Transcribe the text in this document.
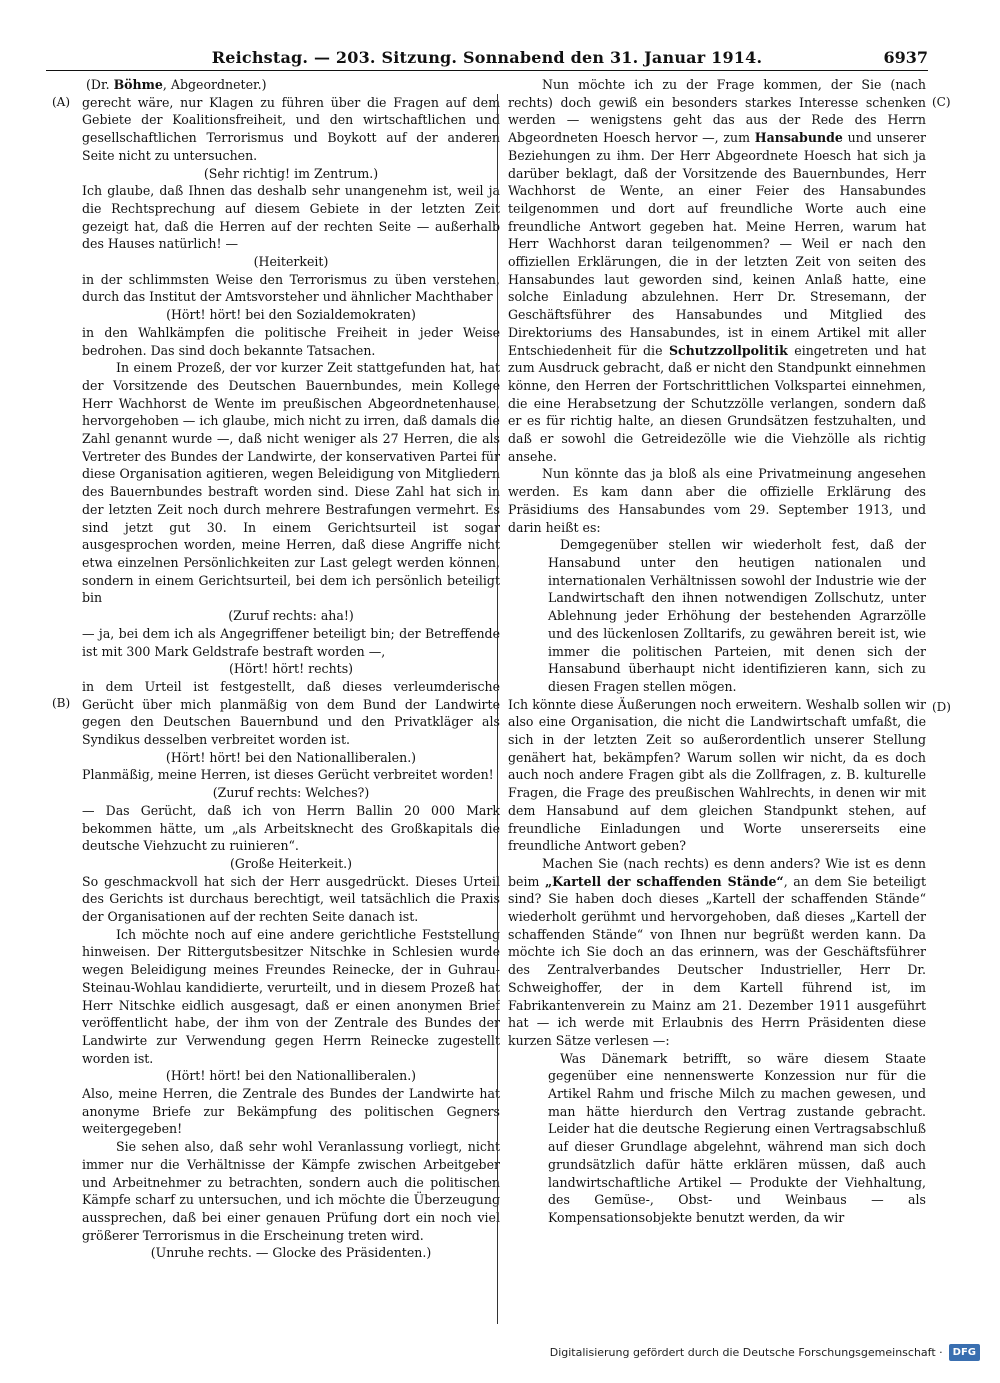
Reichstag. — 203. Sitzung. Sonnabend den 31. Januar 1914.	6937
(A)
(B)
(C)
(D)

(Dr. Böhme, Abgeordneter.)

gerecht wäre, nur Klagen zu führen über die Fragen auf dem Gebiete der Koalitionsfreiheit, und den wirtschaftlichen und gesellschaftlichen Terrorismus und Boykott auf der anderen Seite nicht zu untersuchen.

(Sehr richtig! im Zentrum.)

Ich glaube, daß Ihnen das deshalb sehr unangenehm ist, weil ja die Rechtsprechung auf diesem Gebiete in der letzten Zeit gezeigt hat, daß die Herren auf der rechten Seite — außerhalb des Hauses natürlich! —

(Heiterkeit)

in der schlimmsten Weise den Terrorismus zu üben verstehen, durch das Institut der Amtsvorsteher und ähnlicher Machthaber

(Hört! hört! bei den Sozialdemokraten)

in den Wahlkämpfen die politische Freiheit in jeder Weise bedrohen. Das sind doch bekannte Tatsachen.

In einem Prozeß, der vor kurzer Zeit stattgefunden hat, hat der Vorsitzende des Deutschen Bauernbundes, mein Kollege Herr Wachhorst de Wente im preußischen Abgeordnetenhause, hervorgehoben — ich glaube, mich nicht zu irren, daß damals die Zahl genannt wurde —, daß nicht weniger als 27 Herren, die als Vertreter des Bundes der Landwirte, der konservativen Partei für diese Organisation agitieren, wegen Beleidigung von Mitgliedern des Bauernbundes bestraft worden sind. Diese Zahl hat sich in der letzten Zeit noch durch mehrere Bestrafungen vermehrt. Es sind jetzt gut 30. In einem Gerichtsurteil ist sogar ausgesprochen worden, meine Herren, daß diese Angriffe nicht etwa einzelnen Persönlichkeiten zur Last gelegt werden können, sondern in einem Gerichtsurteil, bei dem ich persönlich beteiligt bin

(Zuruf rechts: aha!)

— ja, bei dem ich als Angegriffener beteiligt bin; der Betreffende ist mit 300 Mark Geldstrafe bestraft worden —,

(Hört! hört! rechts)

in dem Urteil ist festgestellt, daß dieses verleumderische Gerücht über mich planmäßig von dem Bund der Landwirte gegen den Deutschen Bauernbund und den Privatkläger als Syndikus desselben verbreitet worden ist.

(Hört! hört! bei den Nationalliberalen.)

Planmäßig, meine Herren, ist dieses Gerücht verbreitet worden!

(Zuruf rechts: Welches?)

— Das Gerücht, daß ich von Herrn Ballin 20 000 Mark bekommen hätte, um „als Arbeitsknecht des Großkapitals die deutsche Viehzucht zu ruinieren“.

(Große Heiterkeit.)

So geschmackvoll hat sich der Herr ausgedrückt. Dieses Urteil des Gerichts ist durchaus berechtigt, weil tatsächlich die Praxis der Organisationen auf der rechten Seite danach ist.

Ich möchte noch auf eine andere gerichtliche Feststellung hinweisen. Der Rittergutsbesitzer Nitschke in Schlesien wurde wegen Beleidigung meines Freundes Reinecke, der in Guhrau-Steinau-Wohlau kandidierte, verurteilt, und in diesem Prozeß hat Herr Nitschke eidlich ausgesagt, daß er einen anonymen Brief veröffentlicht habe, der ihm von der Zentrale des Bundes der Landwirte zur Verwendung gegen Herrn Reinecke zugestellt worden ist.

(Hört! hört! bei den Nationalliberalen.)

Also, meine Herren, die Zentrale des Bundes der Landwirte hat anonyme Briefe zur Bekämpfung des politischen Gegners weitergegeben!

Sie sehen also, daß sehr wohl Veranlassung vorliegt, nicht immer nur die Verhältnisse der Kämpfe zwischen Arbeitgeber und Arbeitnehmer zu betrachten, sondern auch die politischen Kämpfe scharf zu untersuchen, und ich möchte die Überzeugung aussprechen, daß bei einer genauen Prüfung dort ein noch viel größerer Terrorismus in die Erscheinung treten wird.

(Unruhe rechts. — Glocke des Präsidenten.)

Nun möchte ich zu der Frage kommen, der Sie (nach rechts) doch gewiß ein besonders starkes Interesse schenken werden — wenigstens geht das aus der Rede des Herrn Abgeordneten Hoesch hervor —, zum Hansabunde und unserer Beziehungen zu ihm. Der Herr Abgeordnete Hoesch hat sich ja darüber beklagt, daß der Vorsitzende des Bauernbundes, Herr Wachhorst de Wente, an einer Feier des Hansabundes teilgenommen und dort auf freundliche Worte auch eine freundliche Antwort gegeben hat. Meine Herren, warum hat Herr Wachhorst daran teilgenommen? — Weil er nach den offiziellen Erklärungen, die in der letzten Zeit von seiten des Hansabundes laut geworden sind, keinen Anlaß hatte, eine solche Einladung abzulehnen. Herr Dr. Stresemann, der Geschäftsführer des Hansabundes und Mitglied des Direktoriums des Hansabundes, ist in einem Artikel mit aller Entschiedenheit für die Schutzzollpolitik eingetreten und hat zum Ausdruck gebracht, daß er nicht den Standpunkt einnehmen könne, den Herren der Fortschrittlichen Volkspartei einnehmen, die eine Herabsetzung der Schutzzölle verlangen, sondern daß er es für richtig halte, an diesen Grundsätzen festzuhalten, und daß er sowohl die Getreidezölle wie die Viehzölle als richtig ansehe.

Nun könnte das ja bloß als eine Privatmeinung angesehen werden. Es kam dann aber die offizielle Erklärung des Präsidiums des Hansabundes vom 29. September 1913, und darin heißt es:

Demgegenüber stellen wir wiederholt fest, daß der Hansabund unter den heutigen nationalen und internationalen Verhältnissen sowohl der Industrie wie der Landwirtschaft den ihnen notwendigen Zollschutz, unter Ablehnung jeder Erhöhung der bestehenden Agrarzölle und des lückenlosen Zolltarifs, zu gewähren bereit ist, wie immer die politischen Parteien, mit denen sich der Hansabund überhaupt nicht identifizieren kann, sich zu diesen Fragen stellen mögen.

Ich könnte diese Äußerungen noch erweitern. Weshalb sollen wir also eine Organisation, die nicht die Landwirtschaft umfaßt, die sich in der letzten Zeit so außerordentlich unserer Stellung genähert hat, bekämpfen? Warum sollen wir nicht, da es doch auch noch andere Fragen gibt als die Zollfragen, z. B. kulturelle Fragen, die Frage des preußischen Wahlrechts, in denen wir mit dem Hansabund auf dem gleichen Standpunkt stehen, auf freundliche Einladungen und Worte unsererseits eine freundliche Antwort geben?

Machen Sie (nach rechts) es denn anders? Wie ist es denn beim „Kartell der schaffenden Stände“, an dem Sie beteiligt sind? Sie haben doch dieses „Kartell der schaffenden Stände“ wiederholt gerühmt und hervorgehoben, daß dieses „Kartell der schaffenden Stände“ von Ihnen nur begrüßt werden kann. Da möchte ich Sie doch an das erinnern, was der Geschäftsführer des Zentralverbandes Deutscher Industrieller, Herr Dr. Schweighoffer, der in dem Kartell führend ist, im Fabrikantenverein zu Mainz am 21. Dezember 1911 ausgeführt hat — ich werde mit Erlaubnis des Herrn Präsidenten diese kurzen Sätze verlesen —:

Was Dänemark betrifft, so wäre diesem Staate gegenüber eine nennenswerte Konzession nur für die Artikel Rahm und frische Milch zu machen gewesen, und man hätte hierdurch den Vertrag zustande gebracht. Leider hat die deutsche Regierung einen Vertragsabschluß auf dieser Grundlage abgelehnt, während man sich doch grundsätzlich dafür hätte erklären müssen, daß auch landwirtschaftliche Artikel — Produkte der Viehhaltung, des Gemüse-, Obst- und Weinbaus — als Kompensationsobjekte benutzt werden, da wir

Digitalisierung gefördert durch die Deutsche Forschungsgemeinschaft ·	DFG
